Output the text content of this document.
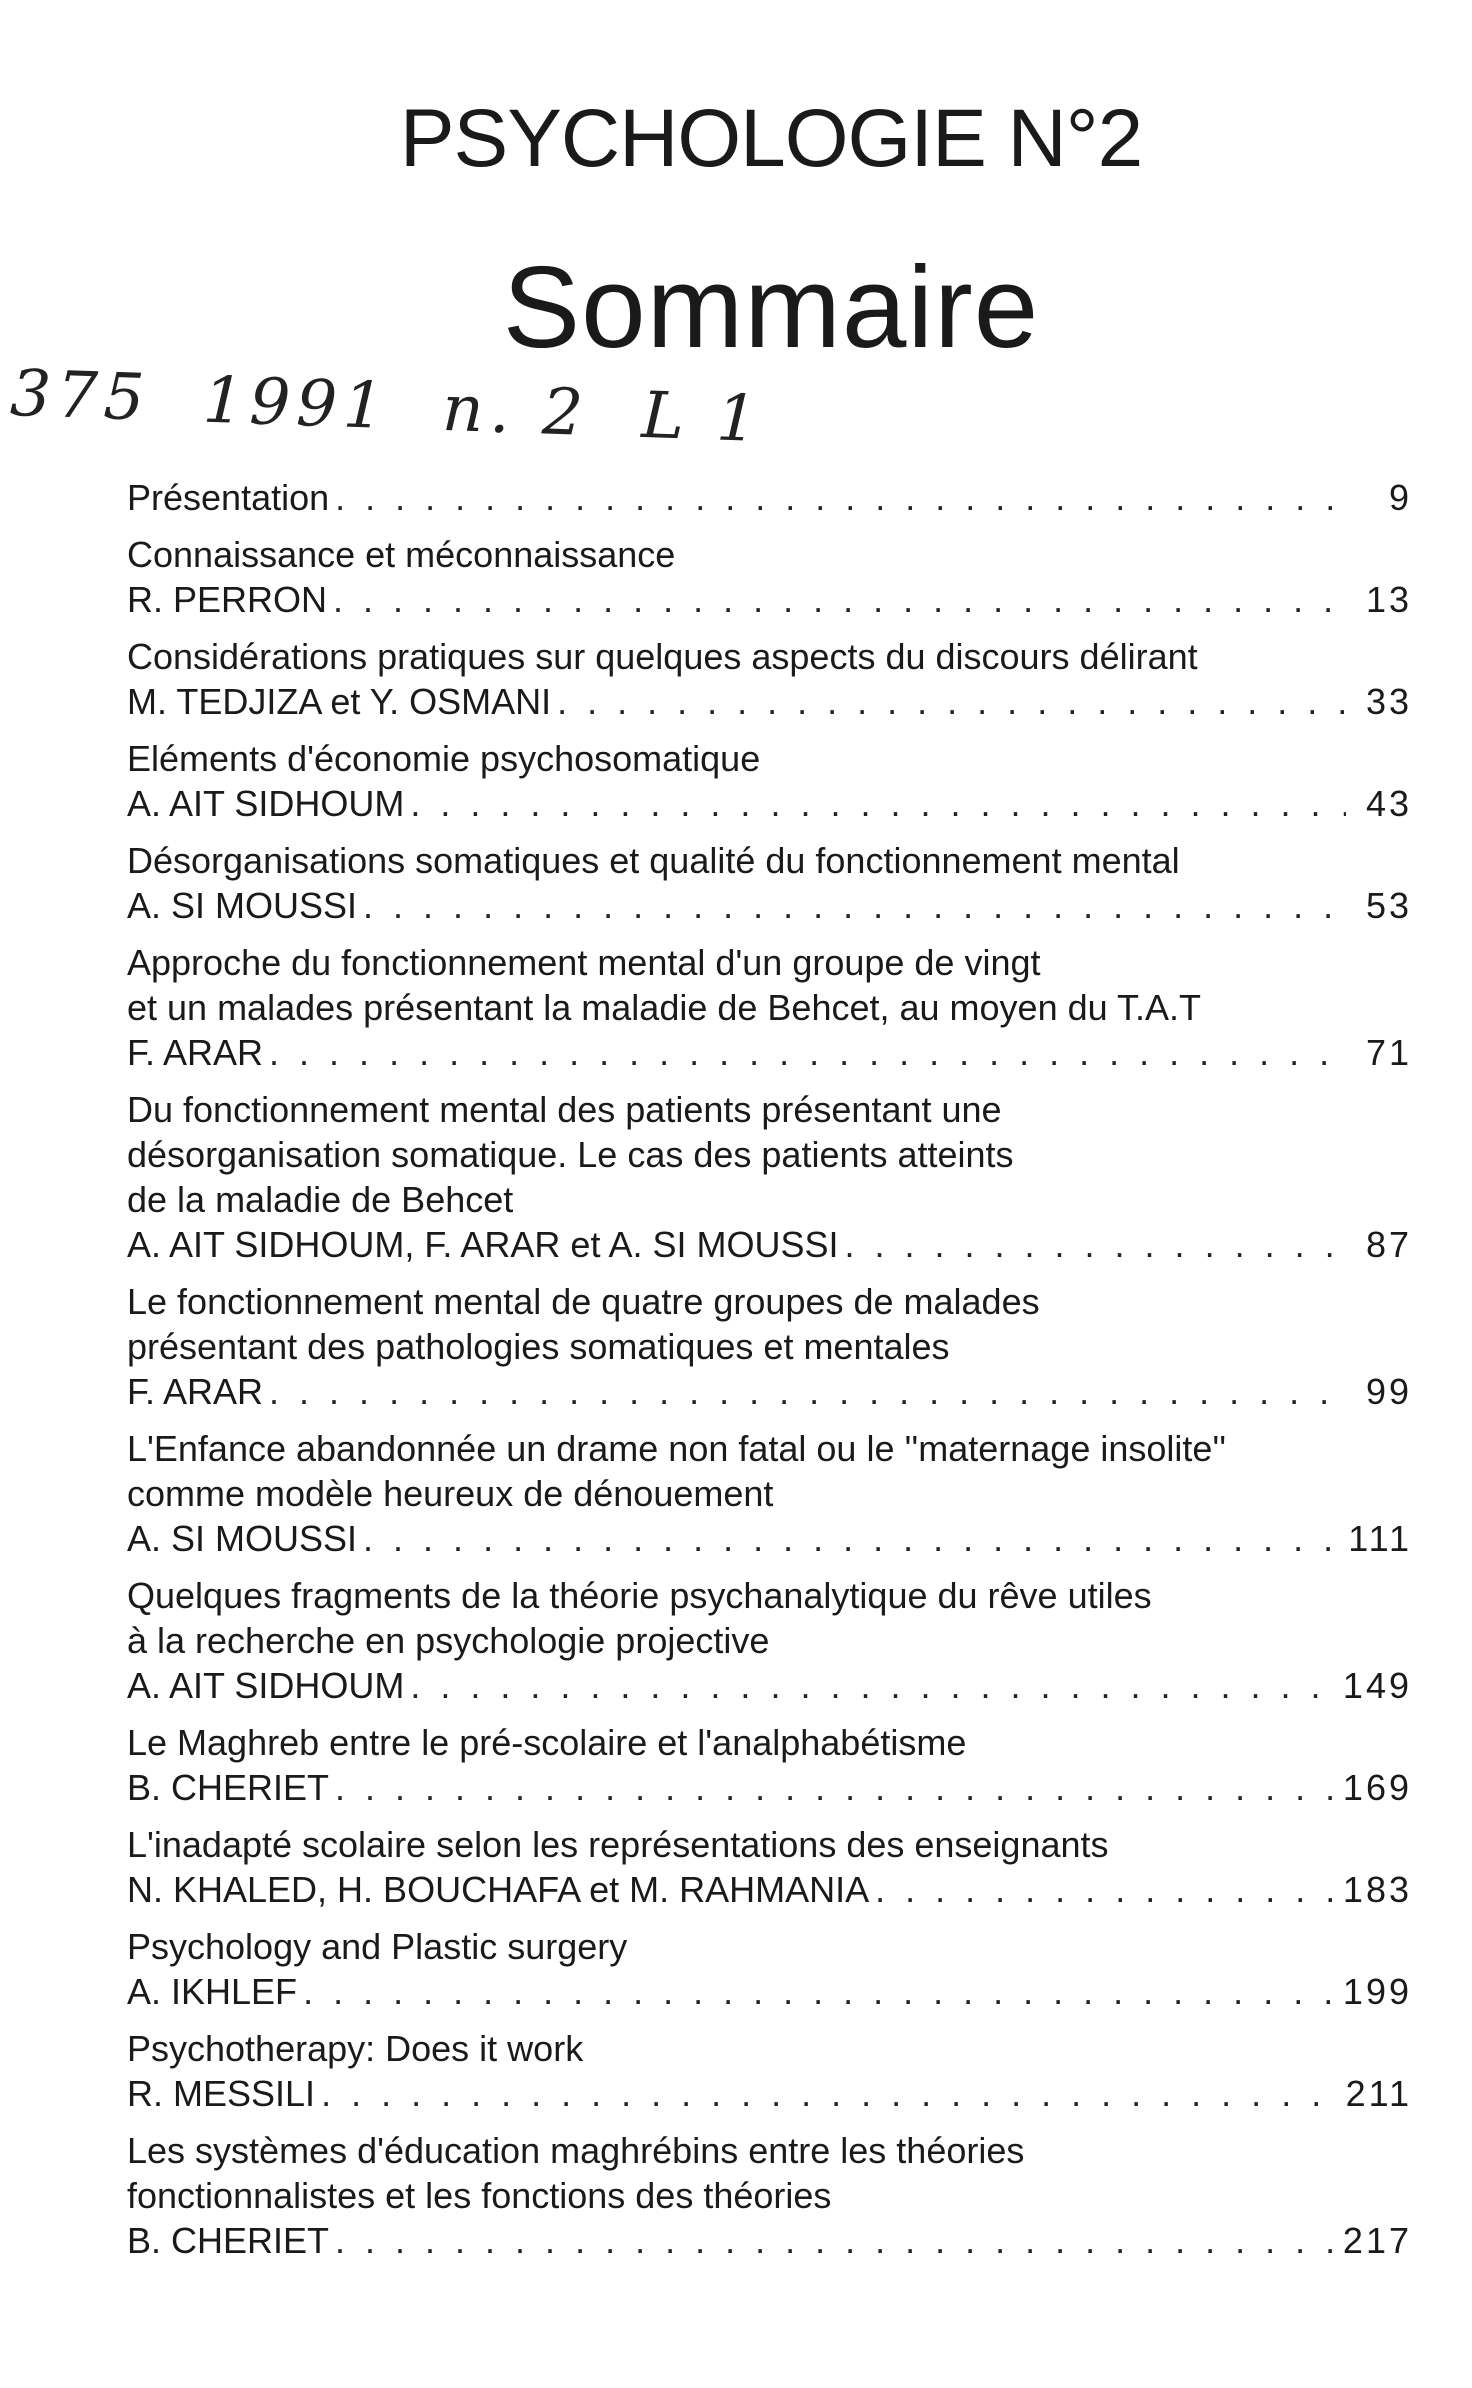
PSYCHOLOGIE N°2
Sommaire
375  1991  n. 2  L 1
Présentation . . .	9
Connaissance et méconnaissance
R. PERRON . . .	13
Considérations pratiques sur quelques aspects du discours délirant
M. TEDJIZA et Y. OSMANI . . .	33
Eléments d'économie psychosomatique
A. AIT SIDHOUM . . .	43
Désorganisations somatiques et qualité du fonctionnement mental
A. SI MOUSSI . . .	53
Approche du fonctionnement mental d'un groupe de vingt
et un malades présentant la maladie de Behcet, au moyen du T.A.T
F. ARAR . . .	71
Du fonctionnement mental des patients présentant une
désorganisation somatique. Le cas des patients atteints
de la maladie de Behcet
A. AIT SIDHOUM, F. ARAR et A. SI MOUSSI . . .	87
Le fonctionnement mental de quatre groupes de malades
présentant des pathologies somatiques et mentales
F. ARAR . . .	99
L'Enfance abandonnée un drame non fatal ou le ''maternage insolite''
comme modèle heureux de dénouement
A. SI MOUSSI . . .	111
Quelques fragments de la théorie psychanalytique du rêve utiles
à la recherche en psychologie projective
A. AIT SIDHOUM . . .	149
Le Maghreb entre le pré-scolaire et l'analphabétisme
B. CHERIET . . .	169
L'inadapté scolaire selon les représentations des enseignants
N. KHALED, H. BOUCHAFA et M. RAHMANIA . . .	183
Psychology and Plastic surgery
A. IKHLEF . . .	199
Psychotherapy: Does it work
R. MESSILI . . .	211
Les systèmes d'éducation maghrébins entre les théories
fonctionnalistes et les fonctions des théories
B. CHERIET . . .	217
